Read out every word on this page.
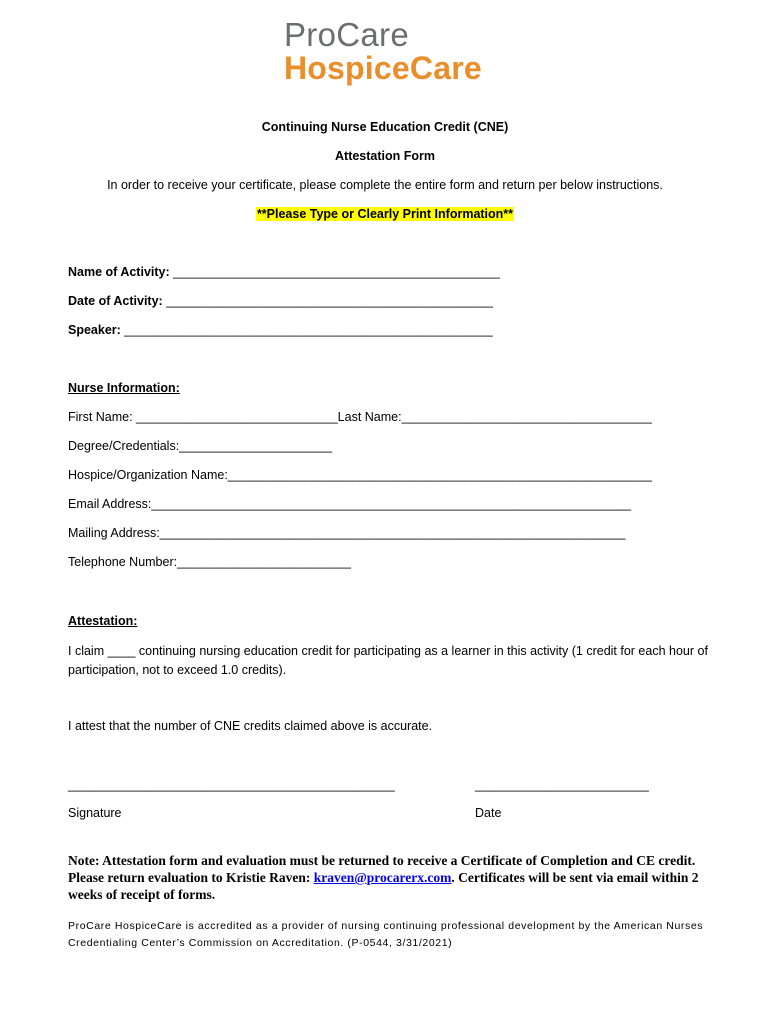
ProCare
HospiceCare
Continuing Nurse Education Credit (CNE)
Attestation Form
In order to receive your certificate, please complete the entire form and return per below instructions.
**Please Type or Clearly Print Information**
Name of Activity: _______________________________________________
Date of Activity: _______________________________________________
Speaker: _____________________________________________________
Nurse Information:
First Name: _____________________________Last Name:____________________________________
Degree/Credentials:______________________
Hospice/Organization Name:_____________________________________________________________
Email Address:_____________________________________________________________________
Mailing Address:___________________________________________________________________
Telephone Number:_________________________
Attestation:
I claim ____ continuing nursing education credit for participating as a learner in this activity (1 credit for each hour of participation, not to exceed 1.0 credits).
I attest that the number of CNE credits claimed above is accurate.
_______________________________________________	_________________________
Signature	Date
Note: Attestation form and evaluation must be returned to receive a Certificate of Completion and CE credit. Please return evaluation to Kristie Raven: kraven@procarerx.com. Certificates will be sent via email within 2 weeks of receipt of forms.
ProCare HospiceCare is accredited as a provider of nursing continuing professional development by the American Nurses Credentialing Center’s Commission on Accreditation. (P-0544, 3/31/2021)
